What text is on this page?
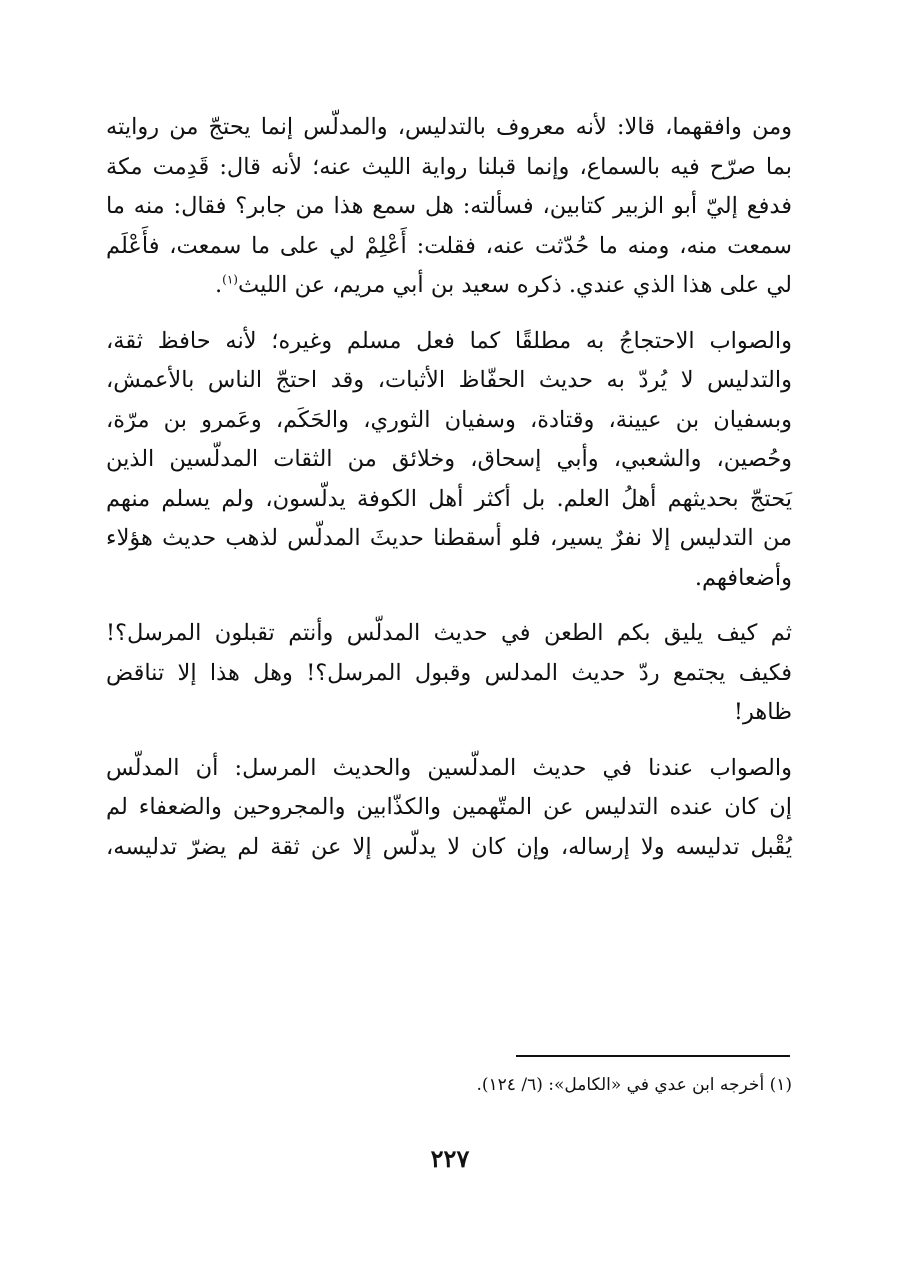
ومن وافقهما، قالا: لأنه معروف بالتدليس، والمدلّس إنما يحتجّ من روايته
بما صرّح فيه بالسماع، وإنما قبلنا رواية الليث عنه؛ لأنه قال: قَدِمت مكة
فدفع إليّ أبو الزبير كتابين، فسألته: هل سمع هذا من جابر؟ فقال: منه ما
سمعت منه، ومنه ما حُدّثت عنه، فقلت: أَعْلِمْ لي على ما سمعت، فأَعْلَم
لي على هذا الذي عندي. ذكره سعيد بن أبي مريم، عن الليث$^{(١)}$.
والصواب الاحتجاجُ به مطلقًا كما فعل مسلم وغيره؛ لأنه حافظ ثقة،
والتدليس لا يُردّ به حديث الحفّاظ الأثبات، وقد احتجّ الناس بالأعمش،
وبسفيان بن عيينة، وقتادة، وسفيان الثوري، والحَكَم، وعَمرو بن مرّة،
وحُصين، والشعبي، وأبي إسحاق، وخلائق من الثقات المدلّسين الذين
يَحتجّ بحديثهم أهلُ العلم. بل أكثر أهل الكوفة يدلّسون، ولم يسلم منهم
من التدليس إلا نفرٌ يسير، فلو أسقطنا حديثَ المدلّس لذهب حديث هؤلاء
وأضعافهم.
ثم كيف يليق بكم الطعن في حديث المدلّس وأنتم تقبلون المرسل؟!
فكيف يجتمع ردّ حديث المدلس وقبول المرسل؟! وهل هذا إلا تناقض
ظاهر!
والصواب عندنا في حديث المدلّسين والحديث المرسل: أن المدلّس
إن كان عنده التدليس عن المتّهمين والكذّابين والمجروحين والضعفاء لم
يُقْبل تدليسه ولا إرساله، وإن كان لا يدلّس إلا عن ثقة لم يضرّ تدليسه،
(١) أخرجه ابن عدي في «الكامل»: (٦/ ١٢٤).
٢٢٧
